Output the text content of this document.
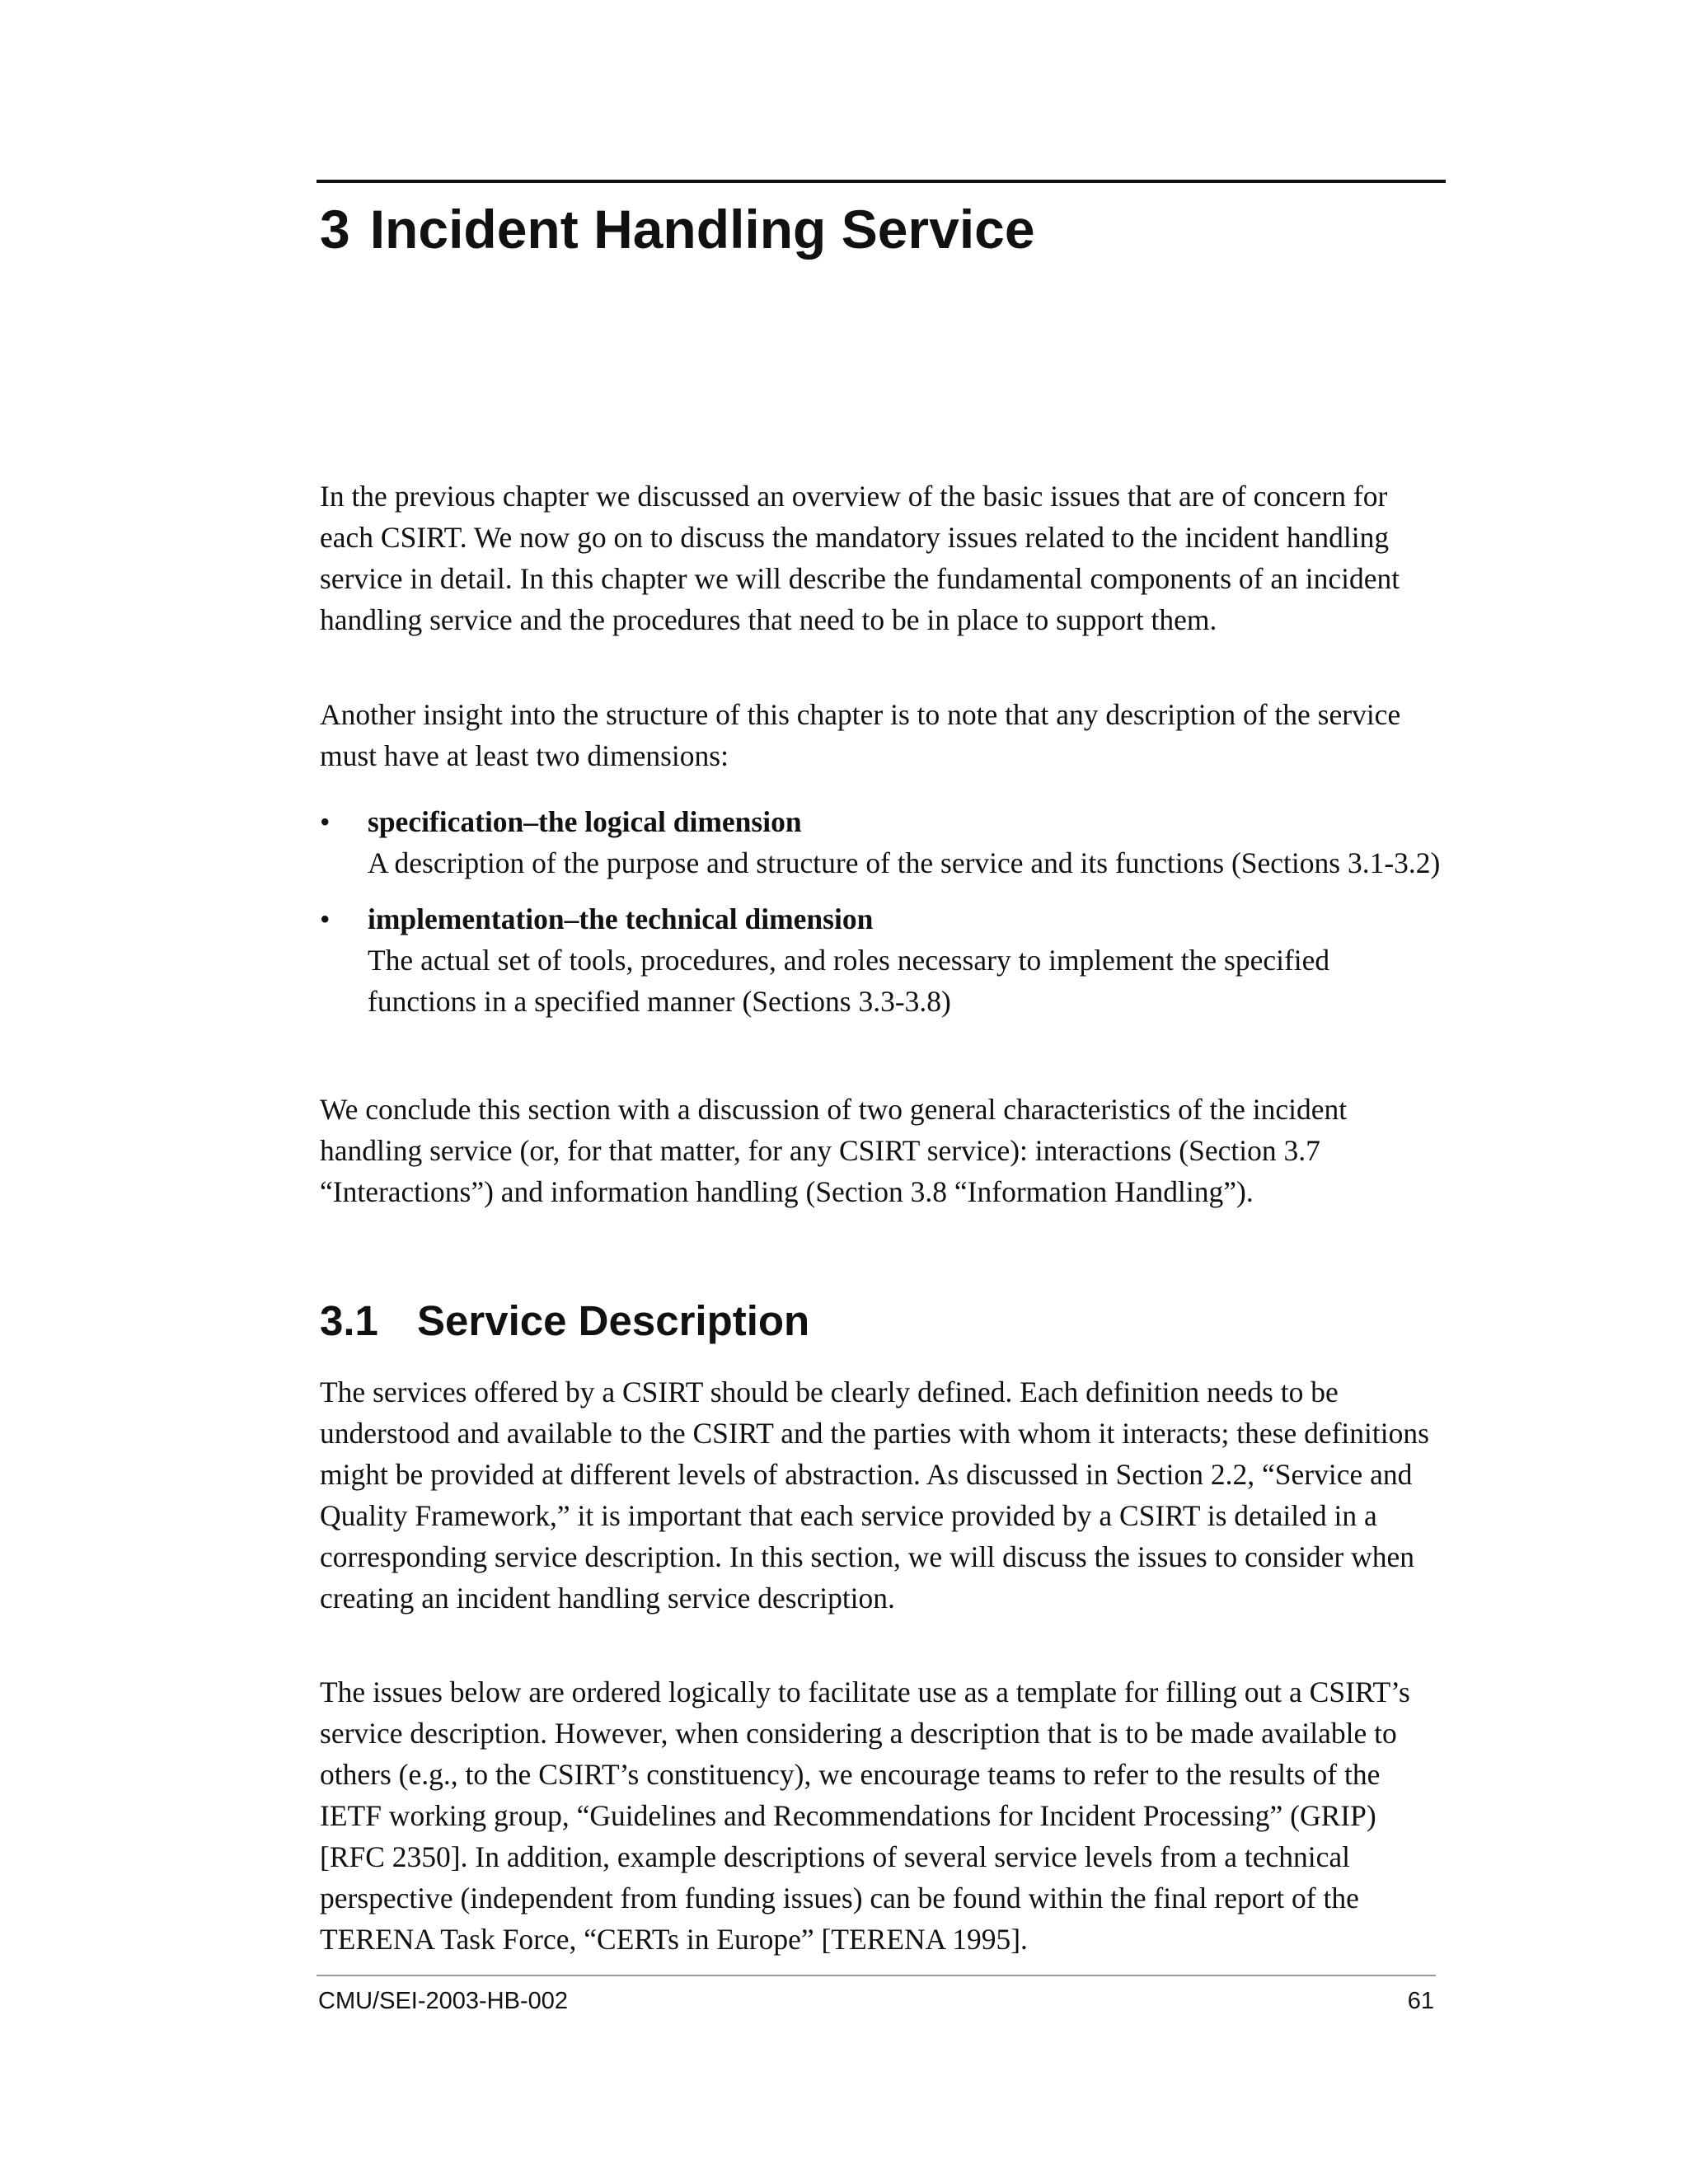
3 Incident Handling Service

In the previous chapter we discussed an overview of the basic issues that are of concern for each CSIRT. We now go on to discuss the mandatory issues related to the incident handling service in detail. In this chapter we will describe the fundamental components of an incident handling service and the procedures that need to be in place to support them.

Another insight into the structure of this chapter is to note that any description of the service must have at least two dimensions:

• specification–the logical dimension
A description of the purpose and structure of the service and its functions (Sections 3.1-3.2)
• implementation–the technical dimension
The actual set of tools, procedures, and roles necessary to implement the specified functions in a specified manner (Sections 3.3-3.8)

We conclude this section with a discussion of two general characteristics of the incident handling service (or, for that matter, for any CSIRT service): interactions (Section 3.7 “Interactions”) and information handling (Section 3.8 “Information Handling”).

3.1 Service Description

The services offered by a CSIRT should be clearly defined. Each definition needs to be understood and available to the CSIRT and the parties with whom it interacts; these definitions might be provided at different levels of abstraction. As discussed in Section 2.2, “Service and Quality Framework,” it is important that each service provided by a CSIRT is detailed in a corresponding service description. In this section, we will discuss the issues to consider when creating an incident handling service description.

The issues below are ordered logically to facilitate use as a template for filling out a CSIRT’s service description. However, when considering a description that is to be made available to others (e.g., to the CSIRT’s constituency), we encourage teams to refer to the results of the IETF working group, “Guidelines and Recommendations for Incident Processing” (GRIP) [RFC 2350]. In addition, example descriptions of several service levels from a technical perspective (independent from funding issues) can be found within the final report of the TERENA Task Force, “CERTs in Europe” [TERENA 1995].

CMU/SEI-2003-HB-002	61
